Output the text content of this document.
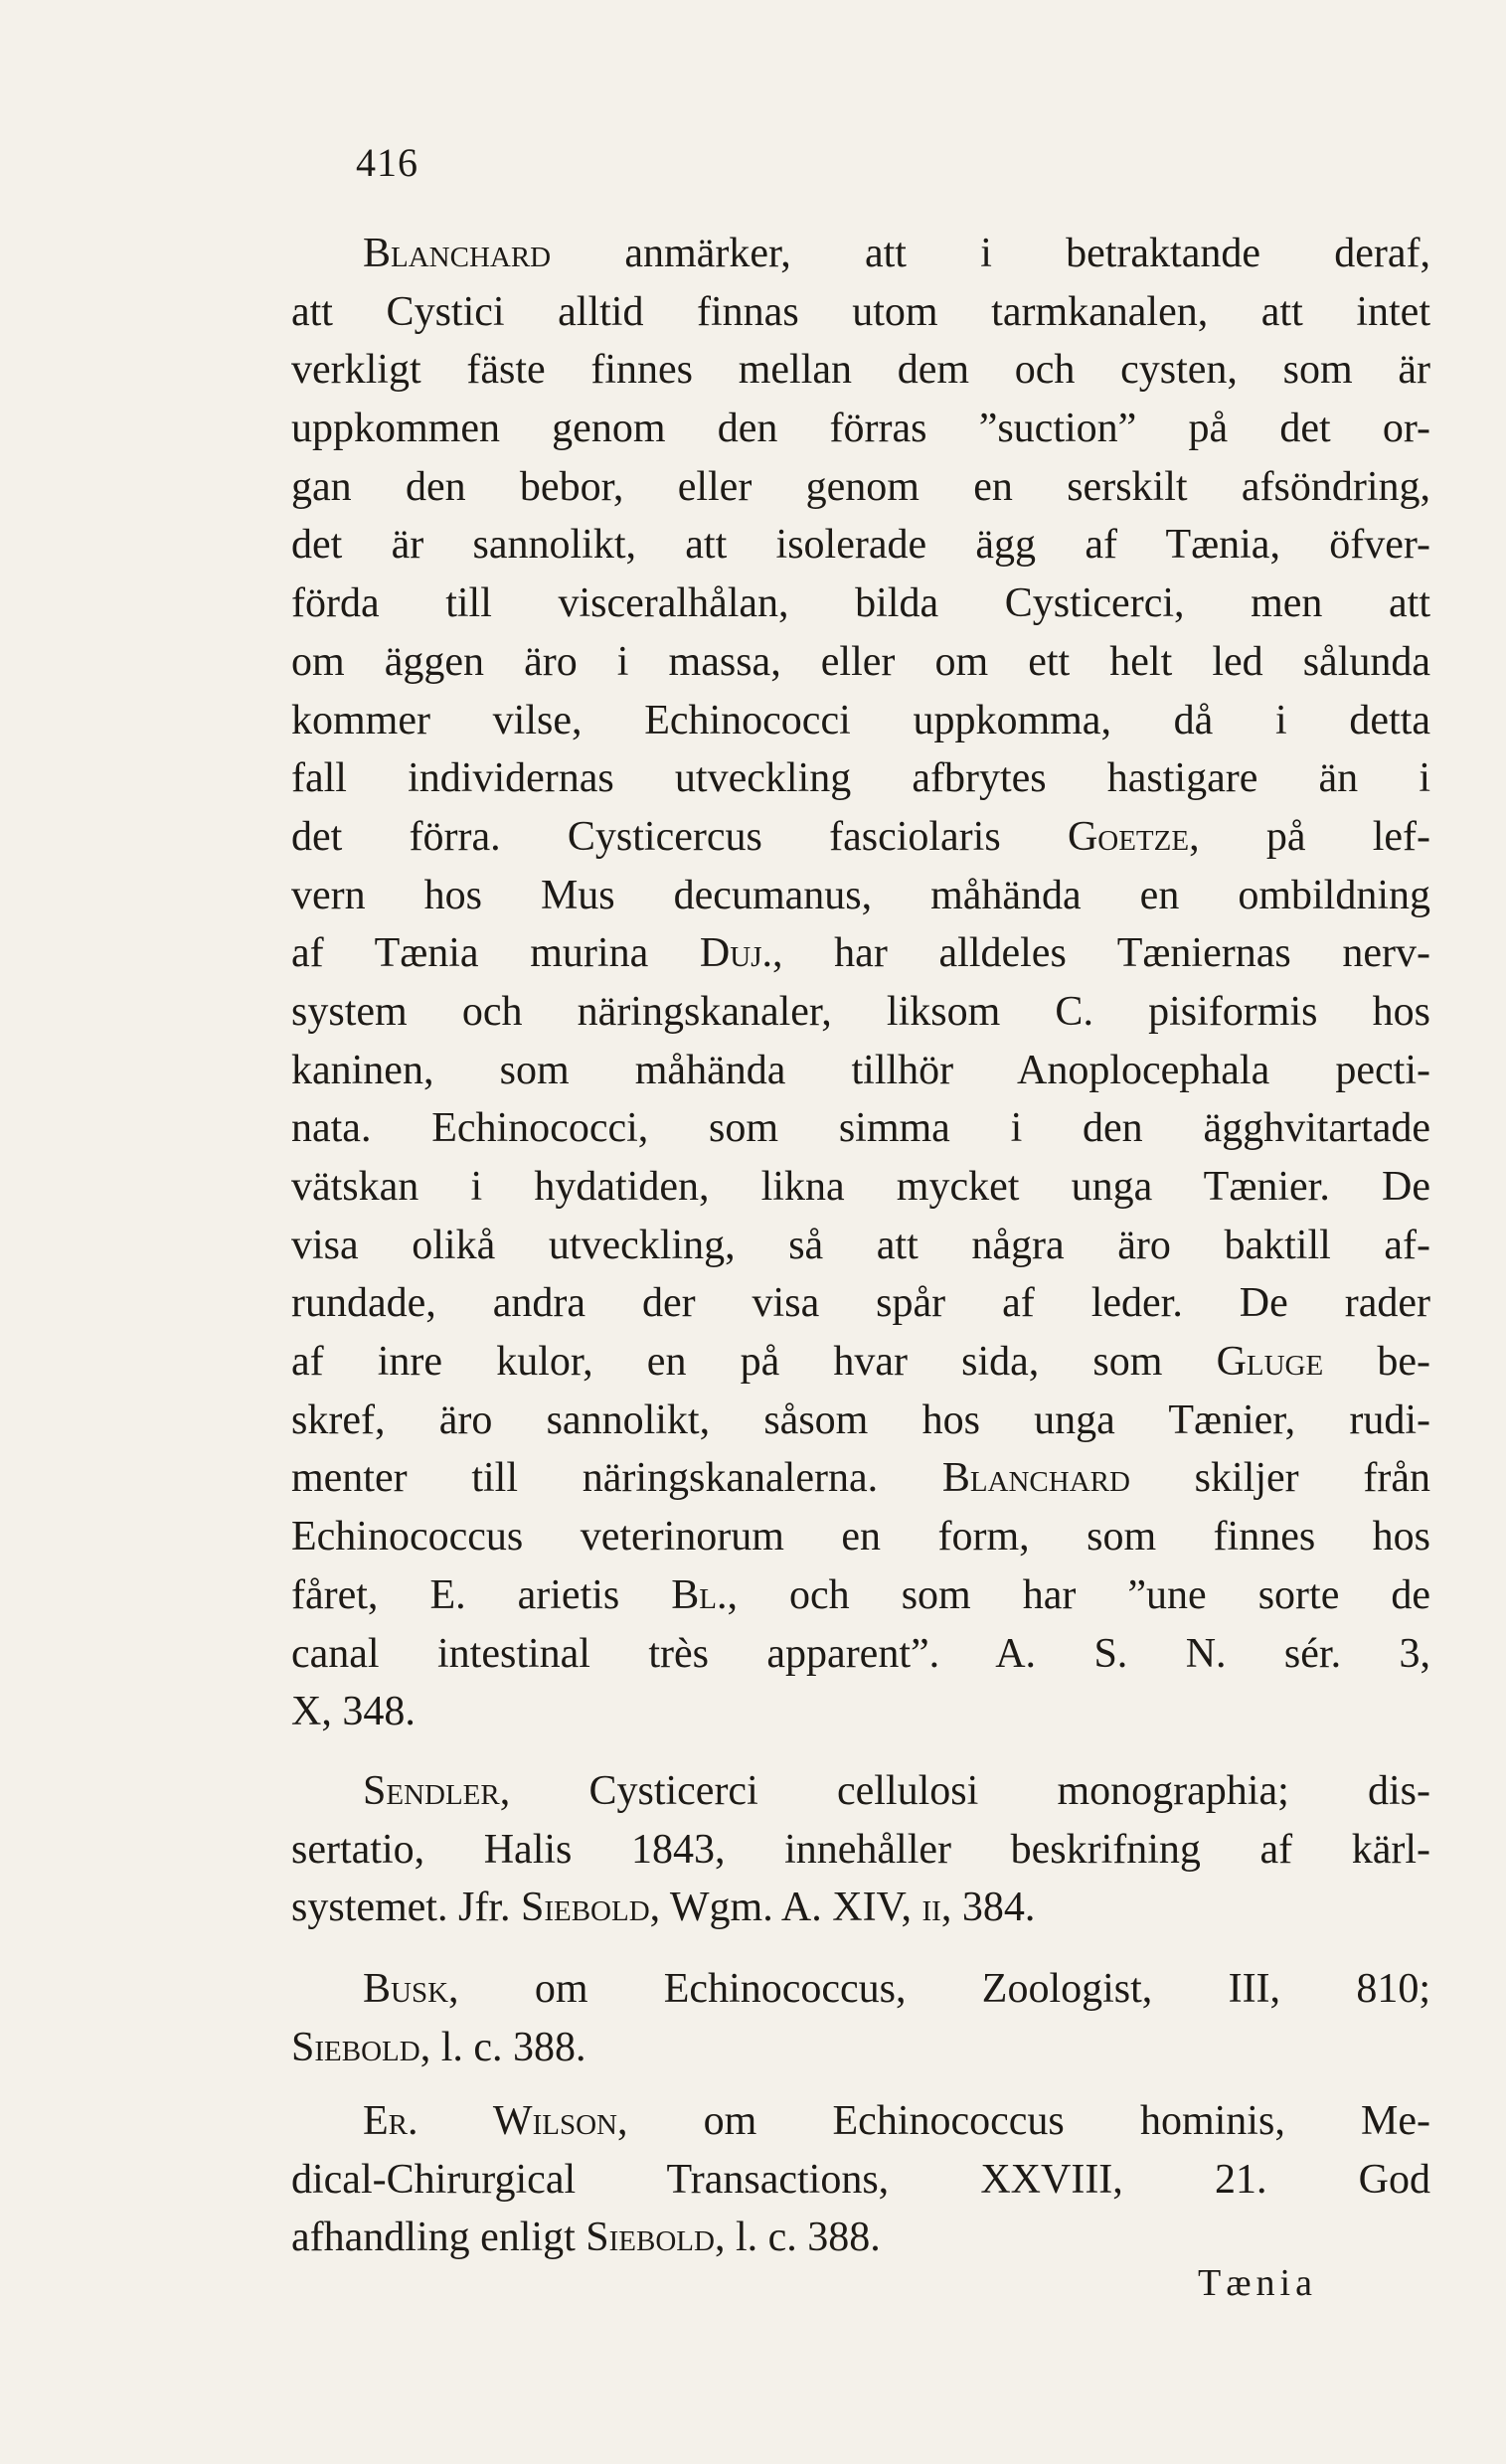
416
Blanchard anmärker, att i betraktande deraf,
att Cystici alltid finnas utom tarmkanalen, att intet
verkligt fäste finnes mellan dem och cysten, som är
uppkommen genom den förras ”suction” på det or-
gan den bebor, eller genom en serskilt afsöndring,
det är sannolikt, att isolerade ägg af Tænia, öfver-
förda till visceralhålan, bilda Cysticerci, men att
om äggen äro i massa, eller om ett helt led sålunda
kommer vilse, Echinococci uppkomma, då i detta
fall individernas utveckling afbrytes hastigare än i
det förra. Cysticercus fasciolaris Goetze, på lef-
vern hos Mus decumanus, måhända en ombildning
af Tænia murina Duj., har alldeles Tæniernas nerv-
system och näringskanaler, liksom C. pisiformis hos
kaninen, som måhända tillhör Anoplocephala pecti-
nata. Echinococci, som simma i den ägghvitartade
vätskan i hydatiden, likna mycket unga Tænier. De
visa olikå utveckling, så att några äro baktill af-
rundade, andra der visa spår af leder. De rader
af inre kulor, en på hvar sida, som Gluge be-
skref, äro sannolikt, såsom hos unga Tænier, rudi-
menter till näringskanalerna. Blanchard skiljer från
Echinococcus veterinorum en form, som finnes hos
fåret, E. arietis Bl., och som har ”une sorte de
canal intestinal très apparent”. A. S. N. sér. 3,
X, 348.
Sendler, Cysticerci cellulosi monographia; dis-
sertatio, Halis 1843, innehåller beskrifning af kärl-
systemet. Jfr. Siebold, Wgm. A. XIV, ii, 384.
Busk, om Echinococcus, Zoologist, III, 810;
Siebold, l. c. 388.
Er. Wilson, om Echinococcus hominis, Me-
dical-Chirurgical Transactions, XXVIII, 21. God
afhandling enligt Siebold, l. c. 388.
Tænia
